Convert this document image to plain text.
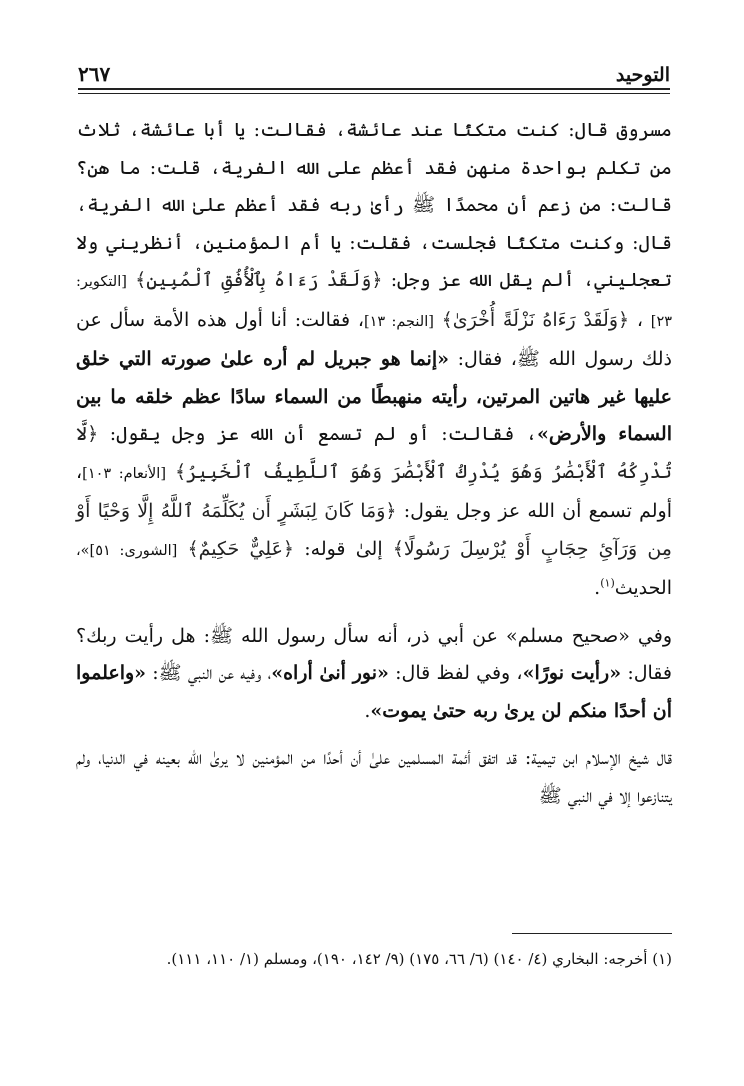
التوحيد
٢٦٧

مسروق قال: كنت متكئًا عند عائشة، فقالت: يا أبا عائشة، ثلاث من تكلم بواحدة منهن فقد أعظم على الله الفرية، قلت: ما هن؟ قالت: من زعم أن محمدًا ﷺ رأىٰ ربه فقد أعظم علىٰ الله الفرية، قال: وكنت متكئًا فجلست، فقلت: يا أم المؤمنين، أنظريني ولا تعجليني، ألم يقل الله عز وجل: ﴿وَلَقَدْ رَءَاهُ بِٱلْأُفُقِ ٱلْمُبِينِ﴾ [التكوير: ٢٣] ، ﴿وَلَقَدْ رَءَاهُ نَزْلَةً أُخْرَىٰ﴾ [النجم: ١٣]، فقالت: أنا أول هذه الأمة سأل عن ذلك رسول الله ﷺ، فقال: «إنما هو جبريل لم أره علىٰ صورته التي خلق عليها غير هاتين المرتين، رأيته منهبطًا من السماء سادًا عظم خلقه ما بين السماء والأرض»، فقالت: أو لم تسمع أن الله عز وجل يقول: ﴿لَّا تُدْرِكُهُ ٱلْأَبْصَٰرُ وَهُوَ يُدْرِكُ ٱلْأَبْصَٰرَ وَهُوَ ٱللَّطِيفُ ٱلْخَبِيرُ﴾ [الأنعام: ١٠٣]، أولم تسمع أن الله عز وجل يقول: ﴿وَمَا كَانَ لِبَشَرٍ أَن يُكَلِّمَهُ ٱللَّهُ إِلَّا وَحْيًا أَوْ مِن وَرَآئِ حِجَابٍ أَوْ يُرْسِلَ رَسُولًا﴾ إلىٰ قوله: ﴿عَلِيٌّ حَكِيمٌ﴾ [الشورى: ٥١]»، الحديث$^{(١)}$.

وفي «صحيح مسلم» عن أبي ذر، أنه سأل رسول الله ﷺ: هل رأيت ربك؟ فقال: «رأيت نورًا»، وفي لفظ قال: «نور أنىٰ أراه»، وفيه عن النبي ﷺ: «واعلموا أن أحدًا منكم لن يرىٰ ربه حتىٰ يموت».

قال شيخ الإسلام ابن تيمية: قد اتفق أئمة المسلمين علىٰ أن أحدًا من المؤمنين لا يرىٰ الله بعينه في الدنيا، ولم يتنازعوا إلا في النبي ﷺ

(١) أخرجه: البخاري (٤/ ١٤٠) (٦/ ٦٦، ١٧٥) (٩/ ١٤٢، ١٩٠)، ومسلم (١/ ١١٠، ١١١).
